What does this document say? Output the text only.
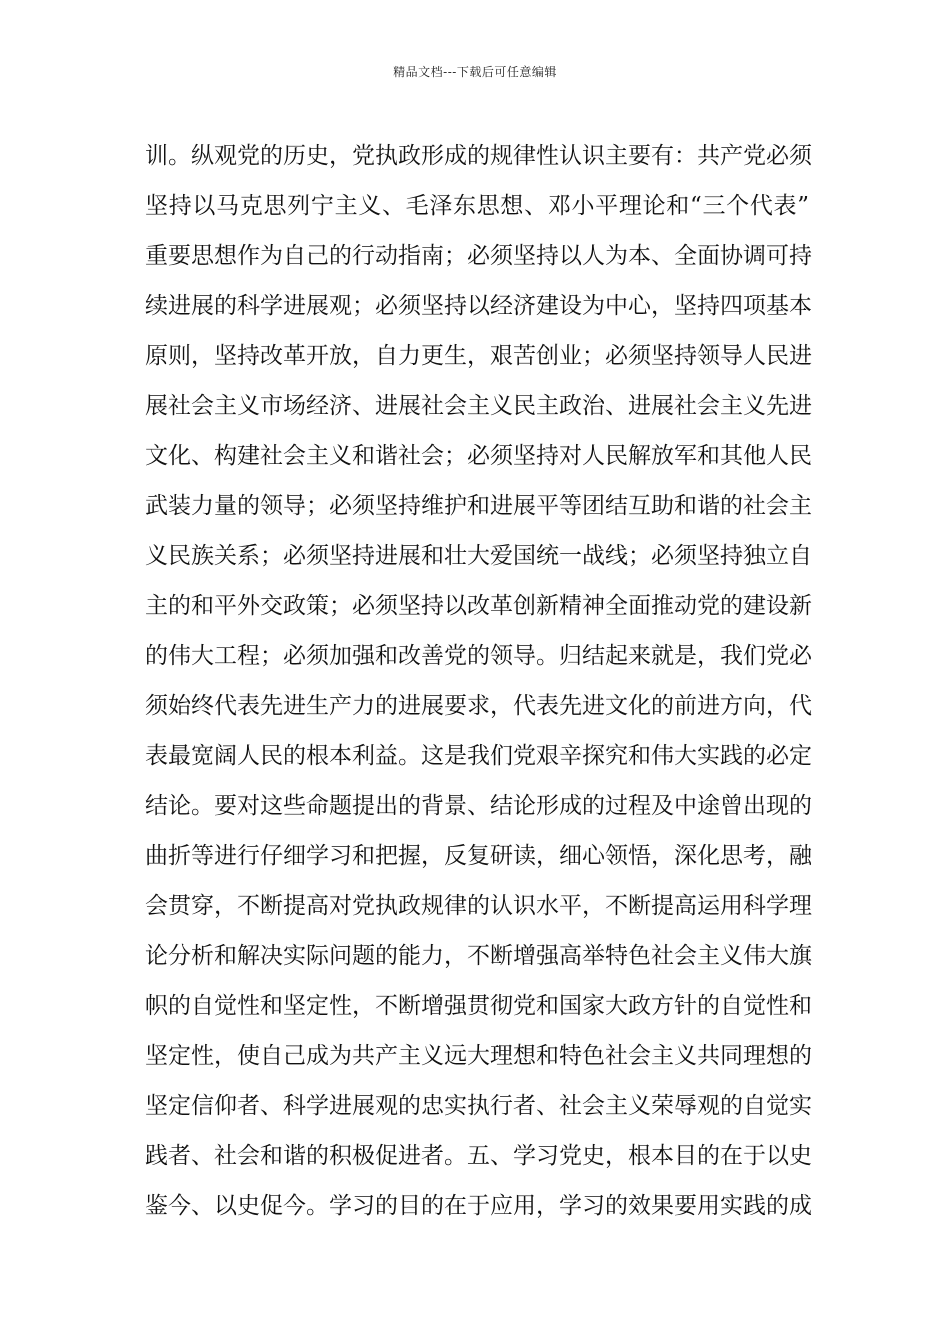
精品文档---下载后可任意编辑
训。纵观党的历史，党执政形成的规律性认识主要有：共产党必须
坚持以马克思列宁主义、毛泽东思想、邓小平理论和“三个代表”
重要思想作为自己的行动指南；必须坚持以人为本、全面协调可持
续进展的科学进展观；必须坚持以经济建设为中心，坚持四项基本
原则，坚持改革开放，自力更生，艰苦创业；必须坚持领导人民进
展社会主义市场经济、进展社会主义民主政治、进展社会主义先进
文化、构建社会主义和谐社会；必须坚持对人民解放军和其他人民
武装力量的领导；必须坚持维护和进展平等团结互助和谐的社会主
义民族关系；必须坚持进展和壮大爱国统一战线；必须坚持独立自
主的和平外交政策；必须坚持以改革创新精神全面推动党的建设新
的伟大工程；必须加强和改善党的领导。归结起来就是，我们党必
须始终代表先进生产力的进展要求，代表先进文化的前进方向，代
表最宽阔人民的根本利益。这是我们党艰辛探究和伟大实践的必定
结论。要对这些命题提出的背景、结论形成的过程及中途曾出现的
曲折等进行仔细学习和把握，反复研读，细心领悟，深化思考，融
会贯穿，不断提高对党执政规律的认识水平，不断提高运用科学理
论分析和解决实际问题的能力，不断增强高举特色社会主义伟大旗
帜的自觉性和坚定性，不断增强贯彻党和国家大政方针的自觉性和
坚定性，使自己成为共产主义远大理想和特色社会主义共同理想的
坚定信仰者、科学进展观的忠实执行者、社会主义荣辱观的自觉实
践者、社会和谐的积极促进者。五、学习党史，根本目的在于以史
鉴今、以史促今。学习的目的在于应用，学习的效果要用实践的成
